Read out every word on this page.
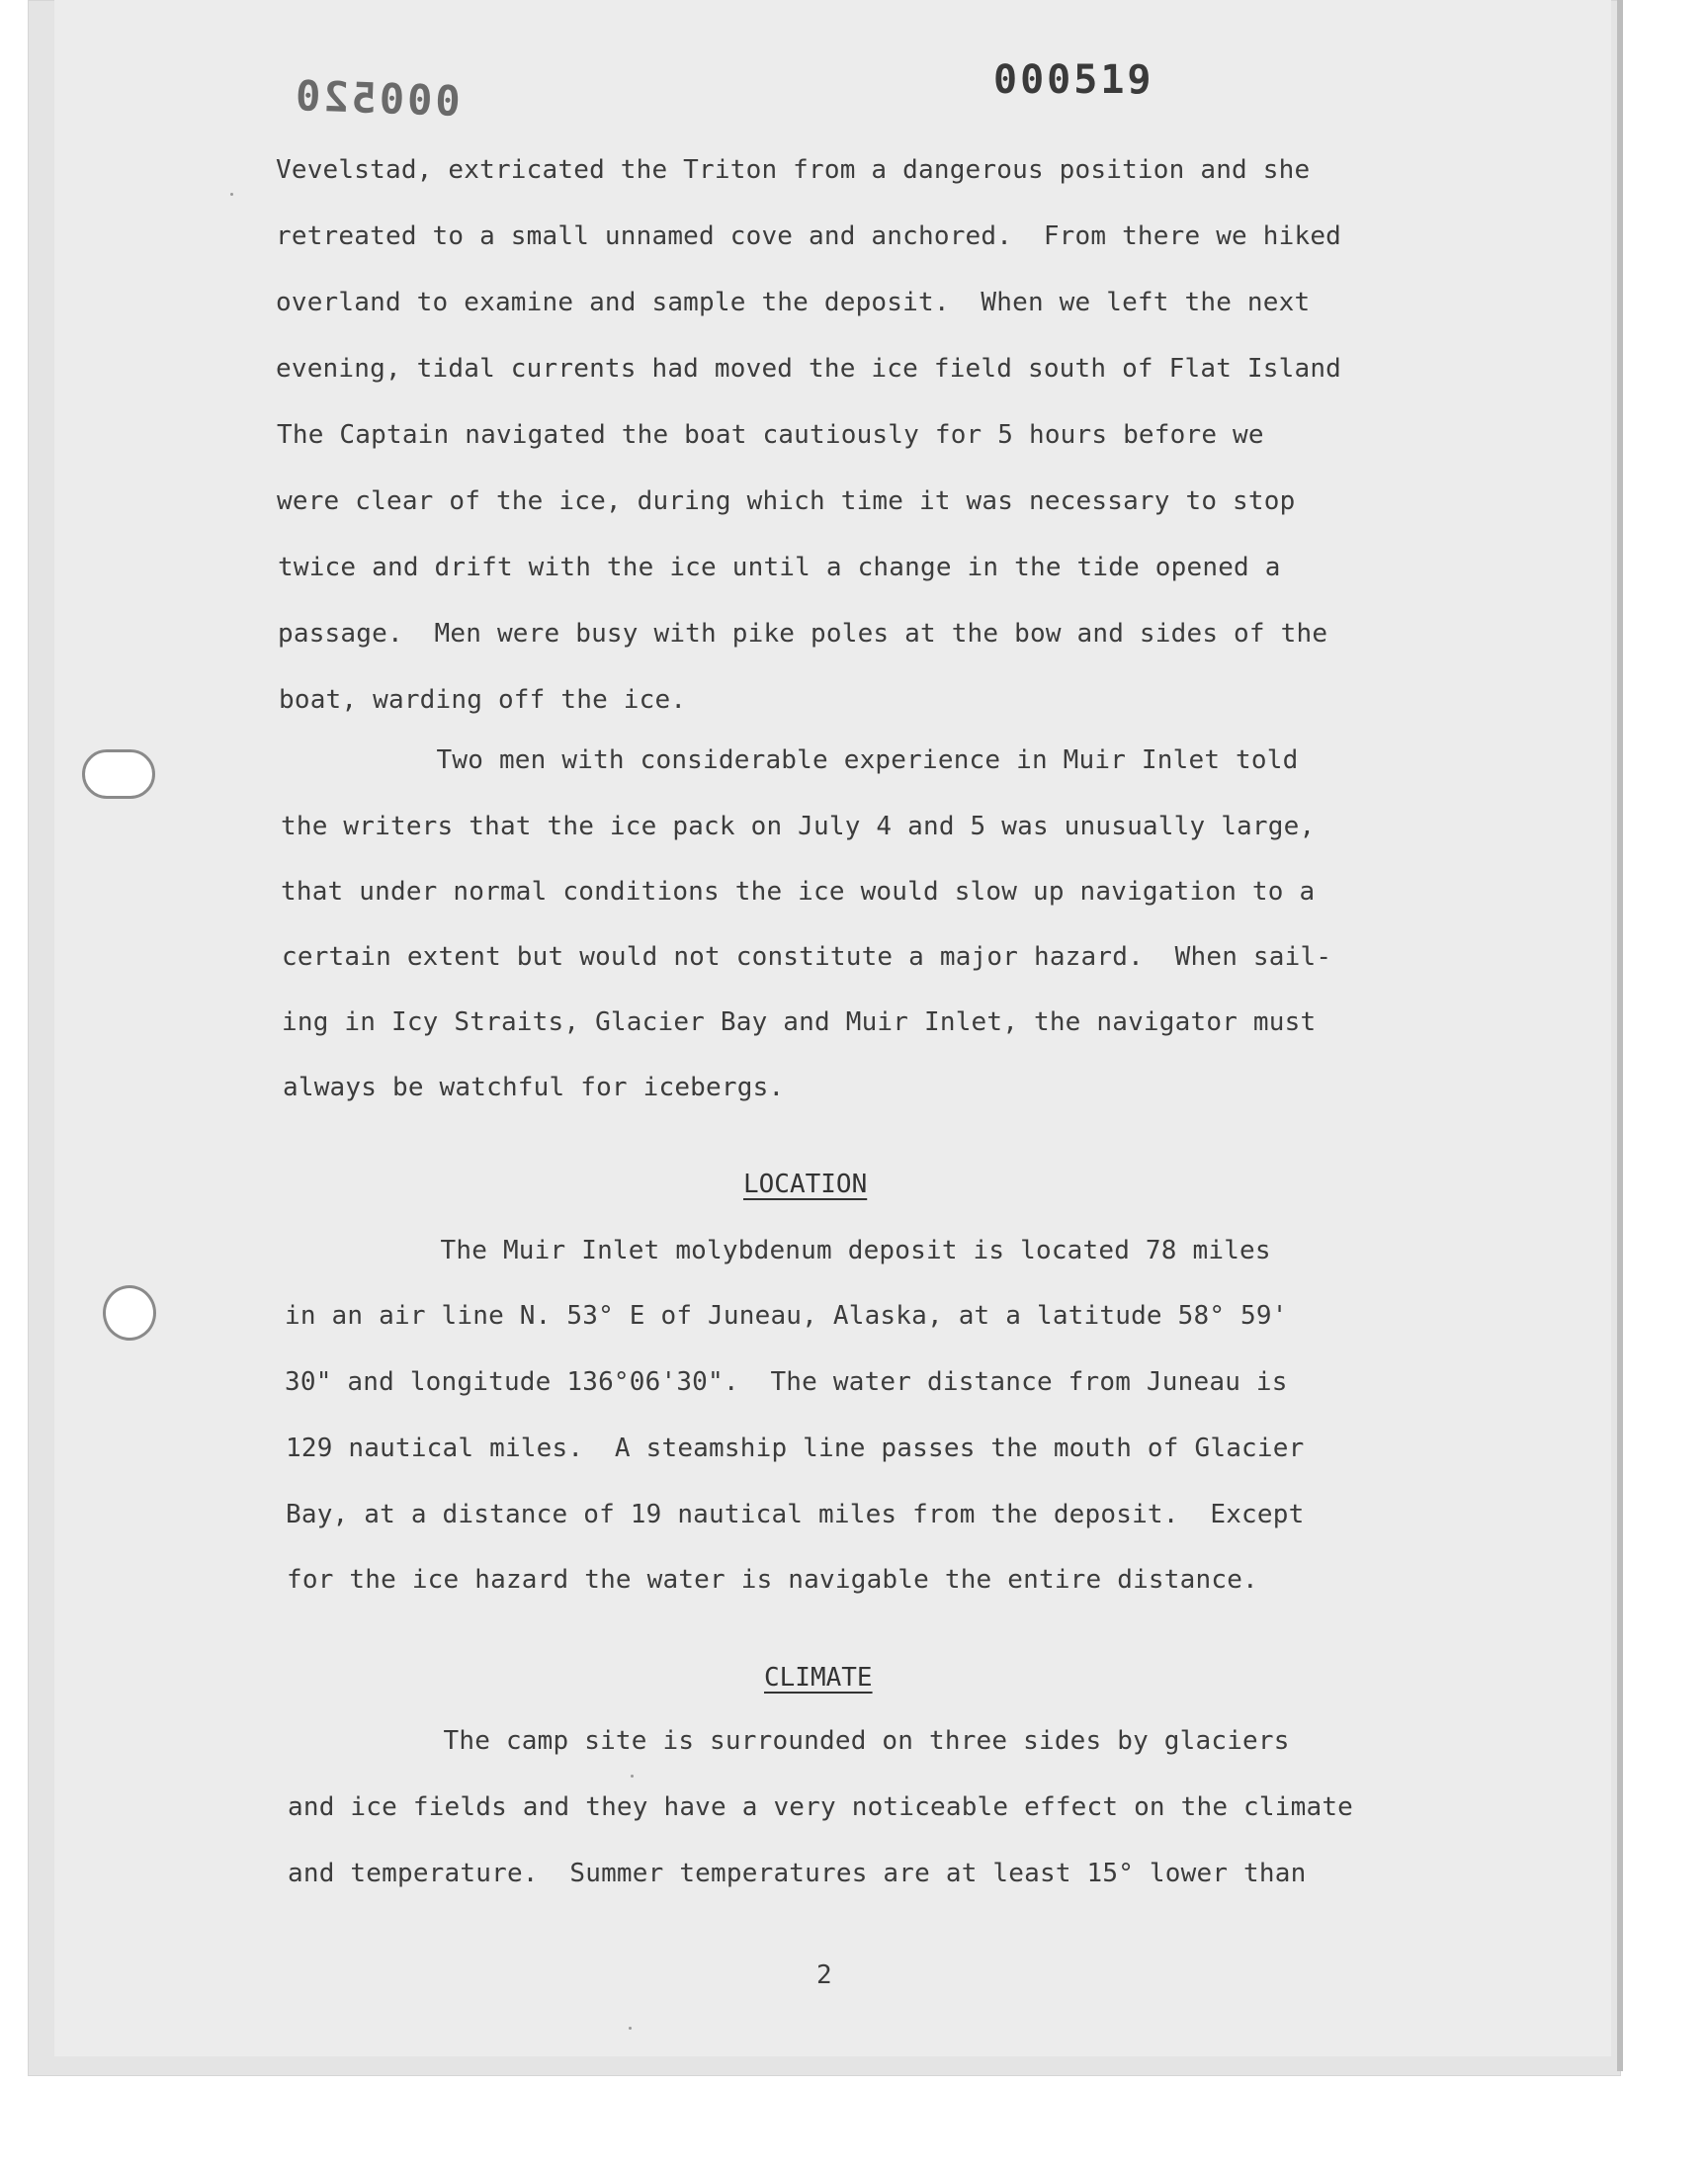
000519
000520

Vevelstad, extricated the Triton from a dangerous position and she

retreated to a small unnamed cove and anchored.  From there we hiked

overland to examine and sample the deposit.  When we left the next

evening, tidal currents had moved the ice field south of Flat Island

The Captain navigated the boat cautiously for 5 hours before we

were clear of the ice, during which time it was necessary to stop

twice and drift with the ice until a change in the tide opened a

passage.  Men were busy with pike poles at the bow and sides of the

boat, warding off the ice.

Two men with considerable experience in Muir Inlet told

the writers that the ice pack on July 4 and 5 was unusually large,

that under normal conditions the ice would slow up navigation to a

certain extent but would not constitute a major hazard.  When sail-

ing in Icy Straits, Glacier Bay and Muir Inlet, the navigator must

always be watchful for icebergs.

LOCATION

The Muir Inlet molybdenum deposit is located 78 miles

in an air line N. 53° E of Juneau, Alaska, at a latitude 58° 59'

30" and longitude 136°06'30".  The water distance from Juneau is

129 nautical miles.  A steamship line passes the mouth of Glacier

Bay, at a distance of 19 nautical miles from the deposit.  Except

for the ice hazard the water is navigable the entire distance.

CLIMATE

The camp site is surrounded on three sides by glaciers

and ice fields and they have a very noticeable effect on the climate

and temperature.  Summer temperatures are at least 15° lower than

2
